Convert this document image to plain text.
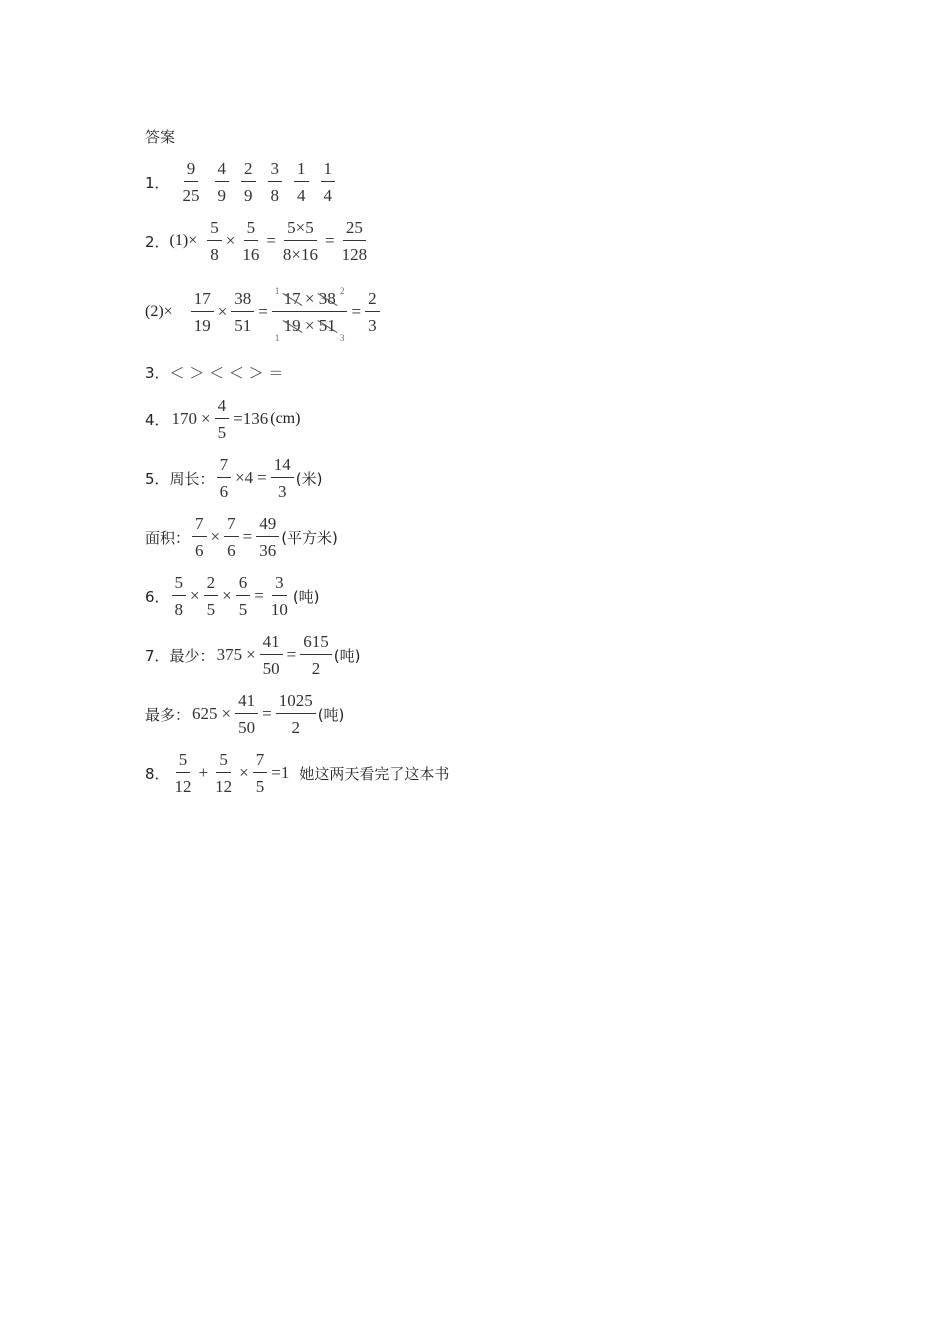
答案
1． $\frac{9}{25} \frac{4}{9} \frac{2}{9} \frac{3}{8} \frac{1}{4} \frac{1}{4}$
2． $(1)\times \frac{5}{8} \times \frac{5}{16} = \frac{5\times 5}{8\times 16} = \frac{25}{128}$
$(2)\times \frac{17}{19} \times \frac{38}{51} = \frac{^1 17 \times 38 ^2}{_1 19 \times 51 _3} = \frac{2}{3}$
3． ＜ ＞ ＜ ＜ ＞ ＝
4． $170 \times \frac{4}{5} =136$ (cm)
5． 周长： $\frac{7}{6} \times 4 = \frac{14}{3}$ (米)
面积： $\frac{7}{6} \times \frac{7}{6} = \frac{49}{36}$ (平方米)
6． $\frac{5}{8} \times \frac{2}{5} \times \frac{6}{5} = \frac{3}{10}$ (吨)
7． 最少： $375 \times \frac{41}{50} = \frac{615}{2}$ (吨)
最多： $625 \times \frac{41}{50} = \frac{1025}{2}$ (吨)
8． $\frac{5}{12} + \frac{5}{12} \times \frac{7}{5} =1$ 她这两天看完了这本书
